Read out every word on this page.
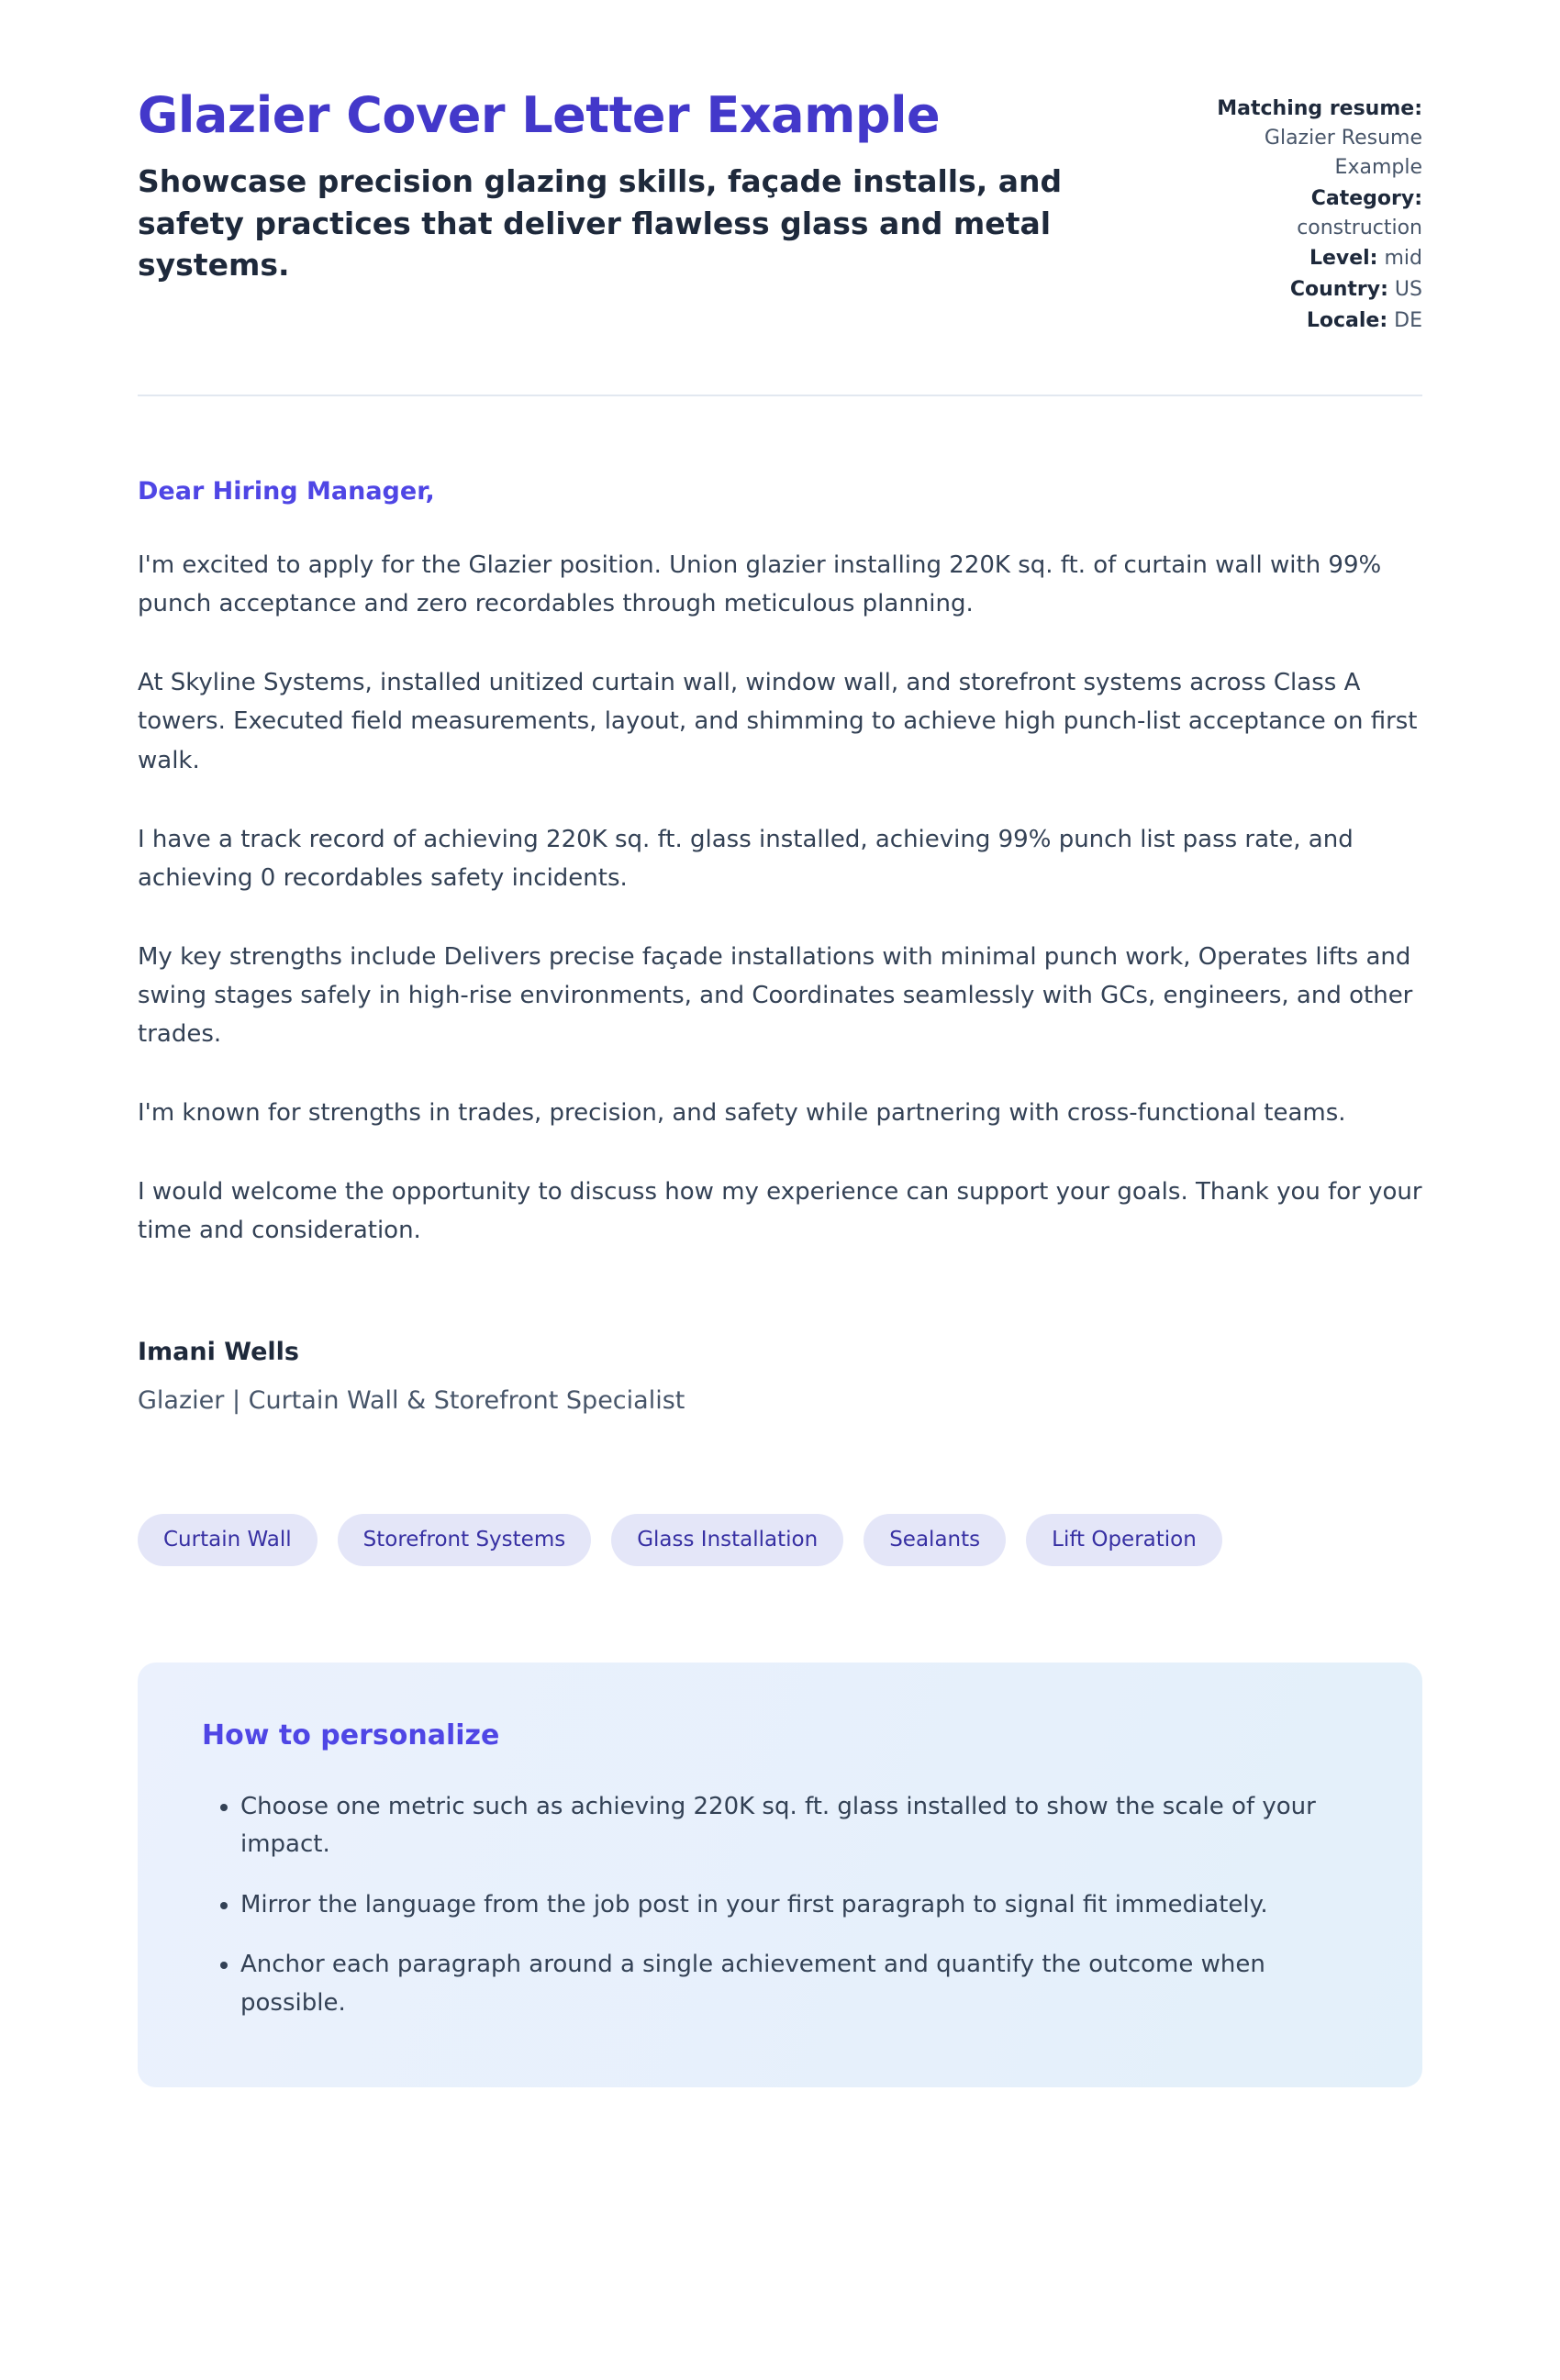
Glazier Cover Letter Example
Showcase precision glazing skills, façade installs, and safety practices that deliver flawless glass and metal systems.
Matching resume: Glazier Resume Example
Category: construction
Level: mid
Country: US
Locale: DE
Dear Hiring Manager,

I'm excited to apply for the Glazier position. Union glazier installing 220K sq. ft. of curtain wall with 99% punch acceptance and zero recordables through meticulous planning.

At Skyline Systems, installed unitized curtain wall, window wall, and storefront systems across Class A towers. Executed field measurements, layout, and shimming to achieve high punch-list acceptance on first walk.

I have a track record of achieving 220K sq. ft. glass installed, achieving 99% punch list pass rate, and achieving 0 recordables safety incidents.

My key strengths include Delivers precise façade installations with minimal punch work, Operates lifts and swing stages safely in high-rise environments, and Coordinates seamlessly with GCs, engineers, and other trades.

I'm known for strengths in trades, precision, and safety while partnering with cross-functional teams.

I would welcome the opportunity to discuss how my experience can support your goals. Thank you for your time and consideration.

Imani Wells
Glazier | Curtain Wall & Storefront Specialist
Curtain Wall	Storefront Systems	Glass Installation	Sealants	Lift Operation
How to personalize
• Choose one metric such as achieving 220K sq. ft. glass installed to show the scale of your impact.
• Mirror the language from the job post in your first paragraph to signal fit immediately.
• Anchor each paragraph around a single achievement and quantify the outcome when possible.
